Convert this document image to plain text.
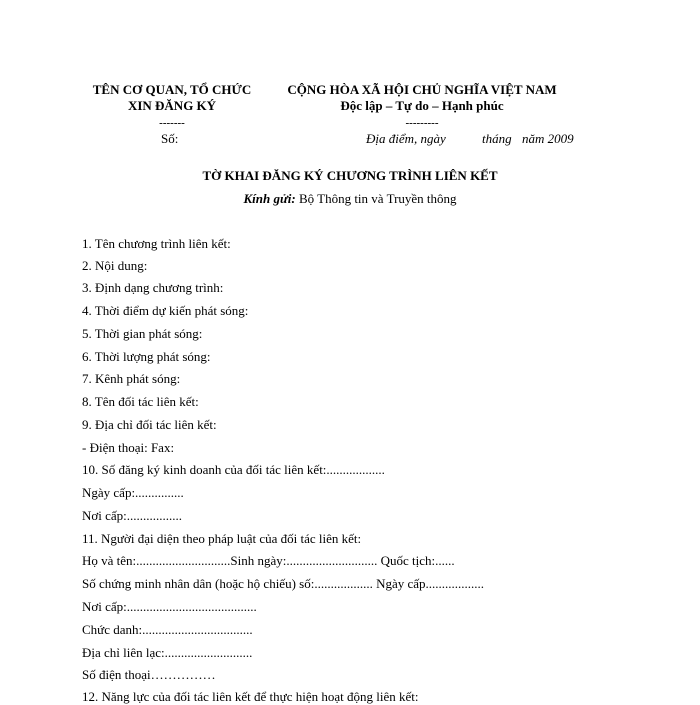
TÊN CƠ QUAN, TỔ CHỨC
XIN ĐĂNG KÝ
-------
Số:
CỘNG HÒA XÃ HỘI CHỦ NGHĨA VIỆT NAM
Độc lập – Tự do – Hạnh phúc
---------
Địa điểm, ngày	tháng năm 2009
TỜ KHAI ĐĂNG KÝ CHƯƠNG TRÌNH LIÊN KẾT
Kính gửi: Bộ Thông tin và Truyền thông
1. Tên chương trình liên kết:
2. Nội dung:
3. Định dạng chương trình:
4. Thời điểm dự kiến phát sóng:
5. Thời gian phát sóng:
6. Thời lượng phát sóng:
7. Kênh phát sóng:
8. Tên đối tác liên kết:
9. Địa chỉ đối tác liên kết:
- Điện thoại: Fax:
10. Số đăng ký kinh doanh của đối tác liên kết:..................
Ngày cấp:...............
Nơi cấp:.................
11. Người đại diện theo pháp luật của đối tác liên kết:
Họ và tên:.............................Sinh ngày:............................ Quốc tịch:......
Số chứng minh nhân dân (hoặc hộ chiếu) số:.................. Ngày cấp..................
Nơi cấp:........................................
Chức danh:..................................
Địa chỉ liên lạc:...........................
Số điện thoại……………
12. Năng lực của đối tác liên kết để thực hiện hoạt động liên kết:
